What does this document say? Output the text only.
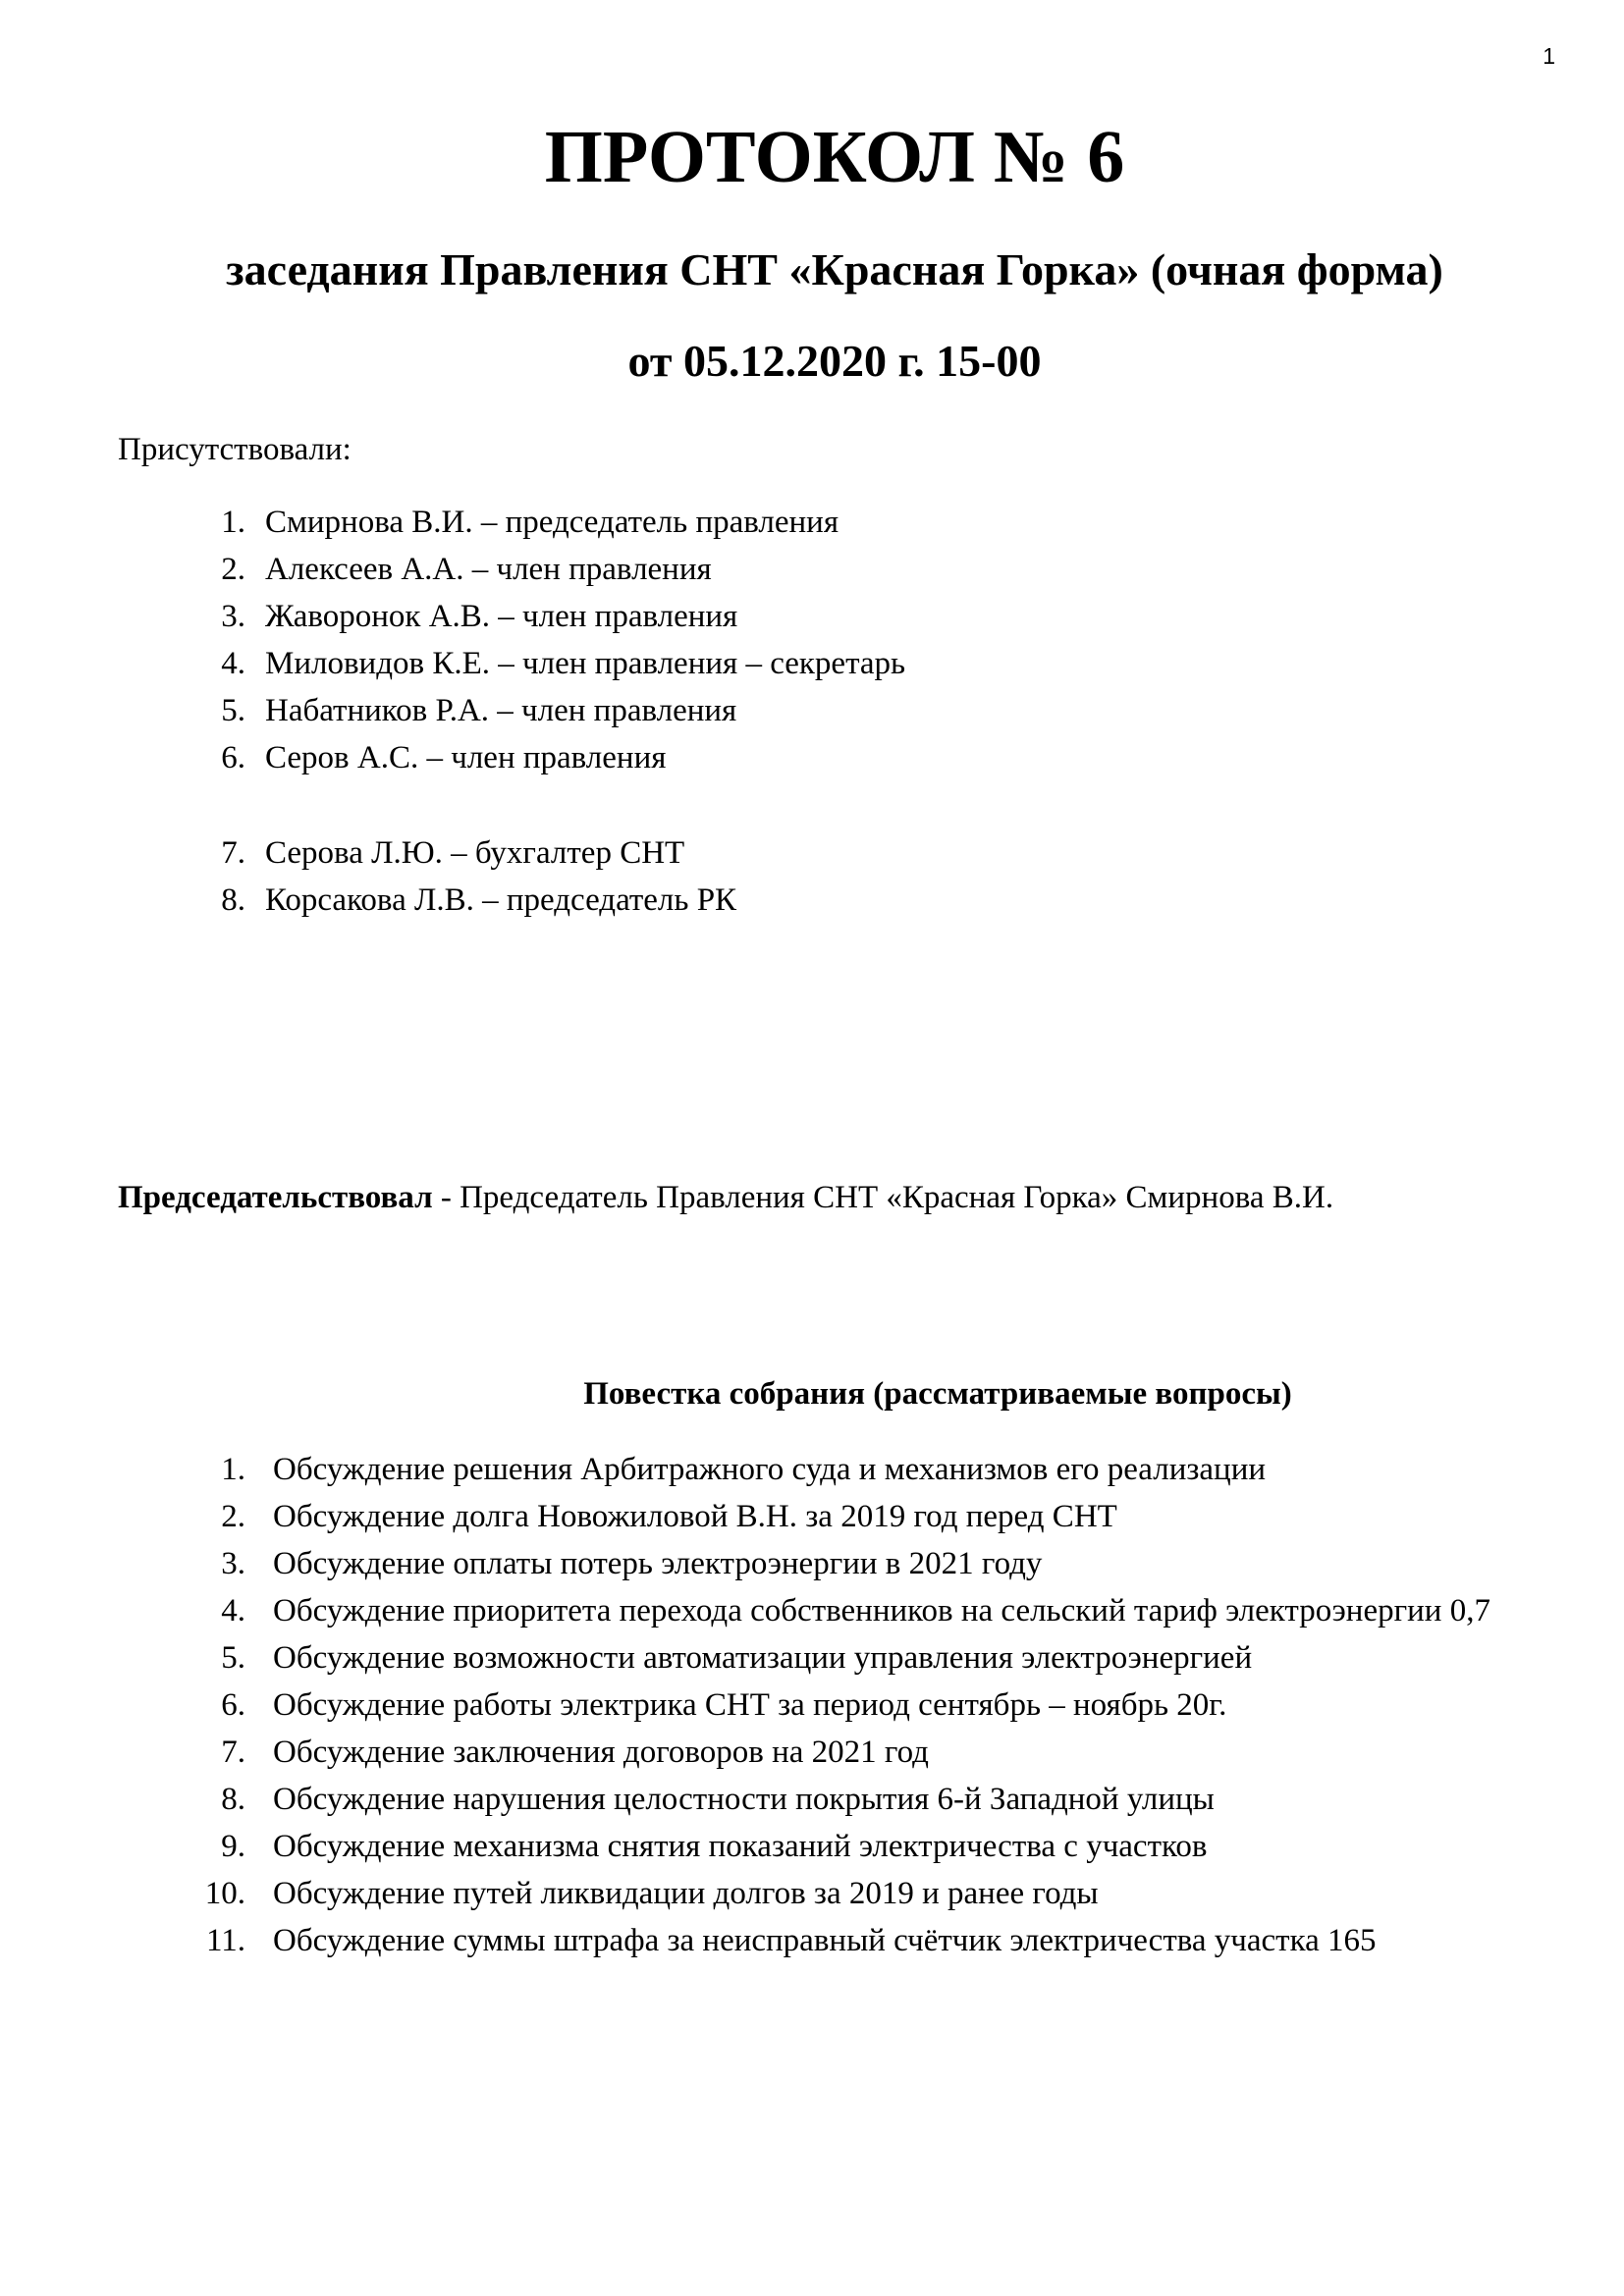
1
ПРОТОКОЛ № 6
заседания Правления СНТ «Красная Горка» (очная форма)
от 05.12.2020 г. 15-00
Присутствовали:
1. Смирнова В.И. – председатель правления
2. Алексеев А.А. – член правления
3. Жаворонок А.В. – член правления
4. Миловидов К.Е. – член правления – секретарь
5. Набатников Р.А. – член правления
6. Серов А.С. – член правления
7. Серова Л.Ю. – бухгалтер СНТ
8. Корсакова Л.В. – председатель РК
Председательствовал - Председатель Правления СНТ «Красная Горка» Смирнова В.И.
Повестка собрания (рассматриваемые вопросы)
1. Обсуждение решения Арбитражного суда и механизмов его реализации
2. Обсуждение долга Новожиловой В.Н. за 2019 год перед СНТ
3. Обсуждение оплаты потерь электроэнергии в 2021 году
4. Обсуждение приоритета перехода собственников на сельский тариф электроэнергии 0,7
5. Обсуждение возможности автоматизации управления электроэнергией
6. Обсуждение работы электрика СНТ за период сентябрь – ноябрь 20г.
7. Обсуждение заключения договоров на 2021 год
8. Обсуждение нарушения целостности покрытия 6-й Западной улицы
9. Обсуждение механизма снятия показаний электричества с участков
10. Обсуждение путей ликвидации долгов за 2019 и ранее годы
11. Обсуждение суммы штрафа за неисправный счётчик электричества участка 165
